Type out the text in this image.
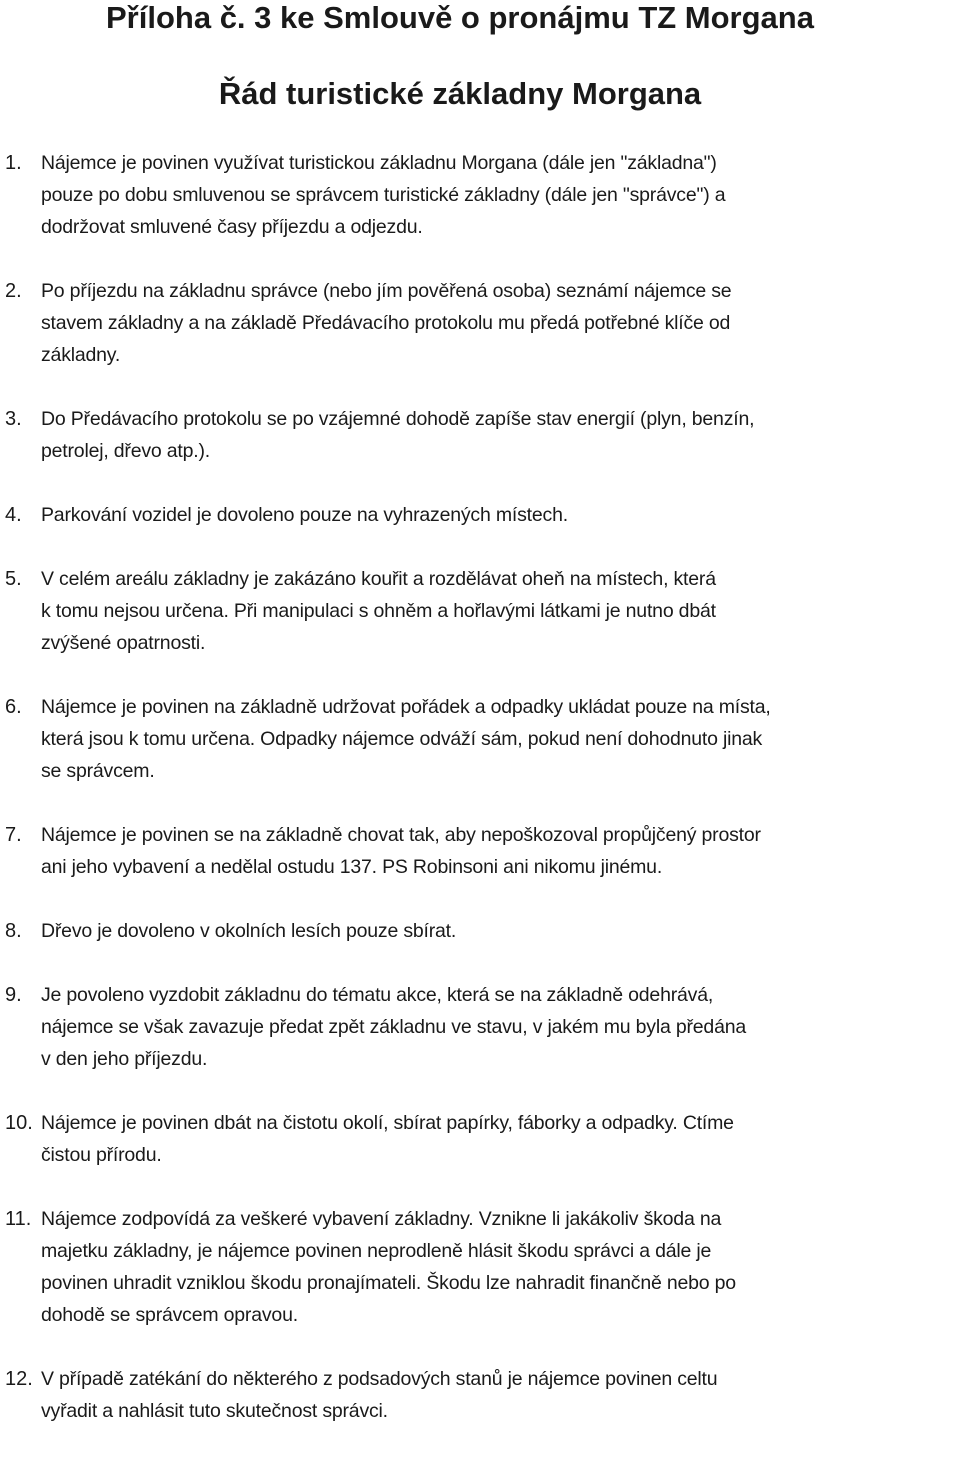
Příloha č. 3 ke Smlouvě o pronájmu TZ Morgana
Řád turistické základny Morgana
1. Nájemce je povinen využívat turistickou základnu Morgana (dále jen "základna")
pouze po dobu smluvenou se správcem turistické základny (dále jen "správce") a
dodržovat smluvené časy příjezdu a odjezdu.
2. Po příjezdu na základnu správce (nebo jím pověřená osoba) seznámí nájemce se
stavem základny a na základě Předávacího protokolu mu předá potřebné klíče od
základny.
3. Do Předávacího protokolu se po vzájemné dohodě zapíše stav energií (plyn, benzín,
petrolej, dřevo atp.).
4. Parkování vozidel je dovoleno pouze na vyhrazených místech.
5. V celém areálu základny je zakázáno kouřit a rozdělávat oheň na místech, která
k tomu nejsou určena. Při manipulaci s ohněm a hořlavými látkami je nutno dbát
zvýšené opatrnosti.
6. Nájemce je povinen na základně udržovat pořádek a odpadky ukládat pouze na místa,
která jsou k tomu určena. Odpadky nájemce odváží sám, pokud není dohodnuto jinak
se správcem.
7. Nájemce je povinen se na základně chovat tak, aby nepoškozoval propůjčený prostor
ani jeho vybavení a nedělal ostudu 137. PS Robinsoni ani nikomu jinému.
8. Dřevo je dovoleno v okolních lesích pouze sbírat.
9. Je povoleno vyzdobit základnu do tématu akce, která se na základně odehrává,
nájemce se však zavazuje předat zpět základnu ve stavu, v jakém mu byla předána
v den jeho příjezdu.
10. Nájemce je povinen dbát na čistotu okolí, sbírat papírky, fáborky a odpadky. Ctíme
čistou přírodu.
11. Nájemce zodpovídá za veškeré vybavení základny. Vznikne li jakákoliv škoda na
majetku základny, je nájemce povinen neprodleně hlásit škodu správci a dále je
povinen uhradit vzniklou škodu pronajímateli. Škodu lze nahradit finančně nebo po
dohodě se správcem opravou.
12. V případě zatékání do některého z podsadových stanů je nájemce povinen celtu
vyřadit a nahlásit tuto skutečnost správci.
